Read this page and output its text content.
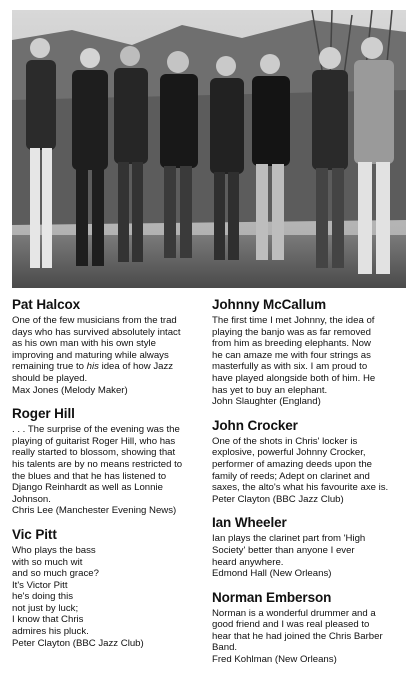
Pat Halcox

One of the few musicians from the trad
days who has survived absolutely intact
as his own man with his own style
improving and maturing while always
remaining true to his idea of how Jazz
should be played.

Max Jones (Melody Maker)
Roger Hill

. . . The surprise of the evening was the
playing of guitarist Roger Hill, who has
really started to blossom, showing that
his talents are by no means restricted to
the blues and that he has listened to
Django Reinhardt as well as Lonnie
Johnson.

Chris Lee (Manchester Evening News)
Vic Pitt

Who plays the bass
with so much wit
and so much grace?
It's Victor Pitt
he's doing this
not just by luck;
I know that Chris
admires his pluck.

Peter Clayton (BBC Jazz Club)
Johnny McCallum

The first time I met Johnny, the idea of
playing the banjo was as far removed
from him as breeding elephants. Now
he can amaze me with four strings as
masterfully as with six. I am proud to
have played alongside both of him. He
has yet to buy an elephant.

John Slaughter (England)
John Crocker

One of the shots in Chris' locker is
explosive, powerful Johnny Crocker,
performer of amazing deeds upon the
family of reeds; Adept on clarinet and
saxes, the alto's what his favourite axe is.

Peter Clayton (BBC Jazz Club)
Ian Wheeler

Ian plays the clarinet part from 'High
Society' better than anyone I ever
heard anywhere.

Edmond Hall (New Orleans)
Norman Emberson

Norman is a wonderful drummer and a
good friend and I was real pleased to
hear that he had joined the Chris Barber
Band.

Fred Kohlman (New Orleans)
